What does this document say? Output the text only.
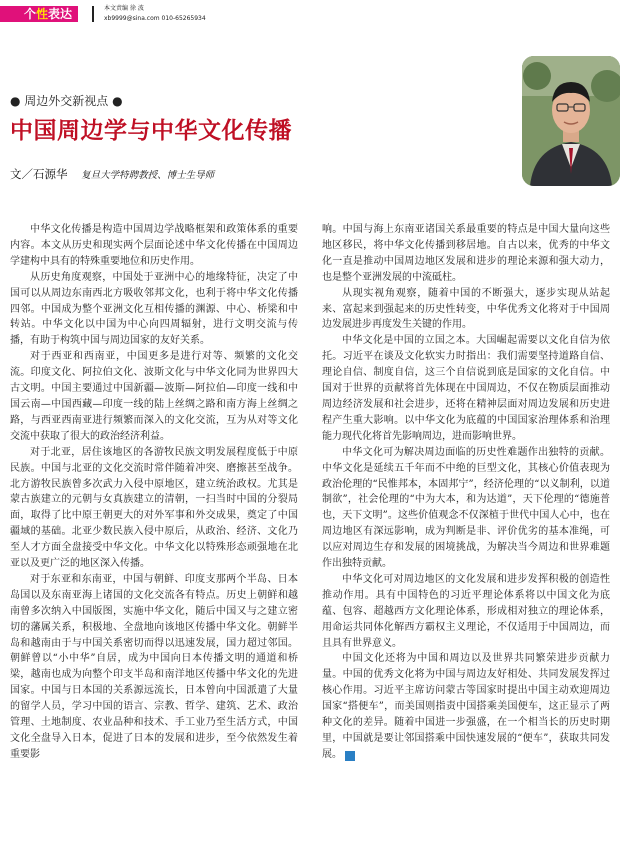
个性表达	本文责编 徐 波
xb9999@sina.com 010-65265934
● 周边外交新视点 ●
中国周边学与中华文化传播
文／石源华 复旦大学特聘教授、博士生导师

中华文化传播是构造中国周边学战略框架和政策体系的重要内容。本文从历史和现实两个层面论述中华文化传播在中国周边学建构中具有的特殊重要地位和历史作用。

从历史角度观察，中国处于亚洲中心的地缘特征，决定了中国可以从周边东南西北方吸收邻邦文化，也利于将中华文化传播四邻。中国成为整个亚洲文化互相传播的渊源、中心、桥梁和中转站。中华文化以中国为中心向四周辐射，进行文明交流与传播，有助于构筑中国与周边国家的友好关系。

对于西亚和西南亚，中国更多是进行对等、频繁的文化交流。印度文化、阿拉伯文化、波斯文化与中华文化同为世界四大古文明。中国主要通过中国新疆—波斯—阿拉伯—印度一线和中国云南—中国西藏—印度一线的陆上丝绸之路和南方海上丝绸之路，与西亚西南亚进行频繁而深入的文化交流，互为从对等文化交流中获取了很大的政治经济利益。

对于北亚，居住该地区的各游牧民族文明发展程度低于中原民族。中国与北亚的文化交流时常伴随着冲突、磨擦甚至战争。北方游牧民族曾多次武力入侵中原地区，建立统治政权。尤其是蒙古族建立的元朝与女真族建立的清朝，一扫当时中国的分裂局面，取得了比中原王朝更大的对外军事和外交成果，奠定了中国疆域的基础。北亚少数民族入侵中原后，从政治、经济、文化乃至人才方面全盘接受中华文化。中华文化以特殊形态顽强地在北亚以及更广泛的地区深入传播。

对于东亚和东南亚，中国与朝鲜、印度支那两个半岛、日本岛国以及东南亚海上诸国的文化交流各有特点。历史上朝鲜和越南曾多次纳入中国版图，实施中华文化，随后中国又与之建立密切的藩属关系，积极地、全盘地向该地区传播中华文化。朝鲜半岛和越南由于与中国关系密切而得以迅速发展，国力超过邻国。朝鲜曾以“小中华”自居，成为中国向日本传播文明的通道和桥梁，越南也成为向整个印支半岛和南洋地区传播中华文化的先进国家。中国与日本国的关系源远流长，日本曾向中国派遣了大量的留学人员，学习中国的语言、宗教、哲学、建筑、艺术、政治管理、土地制度、农业品种和技术、手工业乃至生活方式，中国文化全盘导入日本，促进了日本的发展和进步，至今依然发生着重要影

响。中国与海上东南亚诸国关系最重要的特点是中国大量向这些地区移民，将中华文化传播到移居地。自古以来，优秀的中华文化一直是推动中国周边地区发展和进步的理论来源和强大动力，也是整个亚洲发展的中流砥柱。

从现实视角观察，随着中国的不断强大，逐步实现从站起来、富起来到强起来的历史性转变，中华优秀文化将对于中国周边发展进步再度发生关键的作用。

中华文化是中国的立国之本。大国崛起需要以文化自信为依托。习近平在谈及文化软实力时指出：我们需要坚持道路自信、理论自信、制度自信，这三个自信说到底是国家的文化自信。中国对于世界的贡献将首先体现在中国周边，不仅在物质层面推动周边经济发展和社会进步，还将在精神层面对周边发展和历史进程产生重大影响。以中华文化为底蕴的中国国家治理体系和治理能力现代化将首先影响周边，进而影响世界。

中华文化可为解决周边面临的历史性难题作出独特的贡献。中华文化是延续五千年而不中绝的巨型文化，其核心价值表现为政治伦理的“民惟邦本，本固邦宁”，经济伦理的“以义制利，以道制欲”，社会伦理的“中为大本，和为达道”，天下伦理的“德施普也，天下文明”。这些价值观念不仅深植于世代中国人心中，也在周边地区有深远影响，成为判断是非、评价优劣的基本准绳，可以应对周边生存和发展的困境挑战，为解决当今周边和世界难题作出独特贡献。

中华文化可对周边地区的文化发展和进步发挥积极的创造性推动作用。具有中国特色的习近平理论体系将以中国文化为底蕴、包容、超越西方文化理论体系，形成相对独立的理论体系，用命运共同体化解西方霸权主义理论，不仅适用于中国周边，而且具有世界意义。

中国文化还将为中国和周边以及世界共同繁荣进步贡献力量。中国的优秀文化将为中国与周边友好相处、共同发展发挥过核心作用。习近平主席访问蒙古等国家时提出中国主动欢迎周边国家“搭便车”，而美国则指责中国搭乘美国便车，这正显示了两种文化的差异。随着中国进一步强盛，在一个相当长的历史时期里，中国就是要让邻国搭乘中国快速发展的“便车”，获取共同发展。	W
